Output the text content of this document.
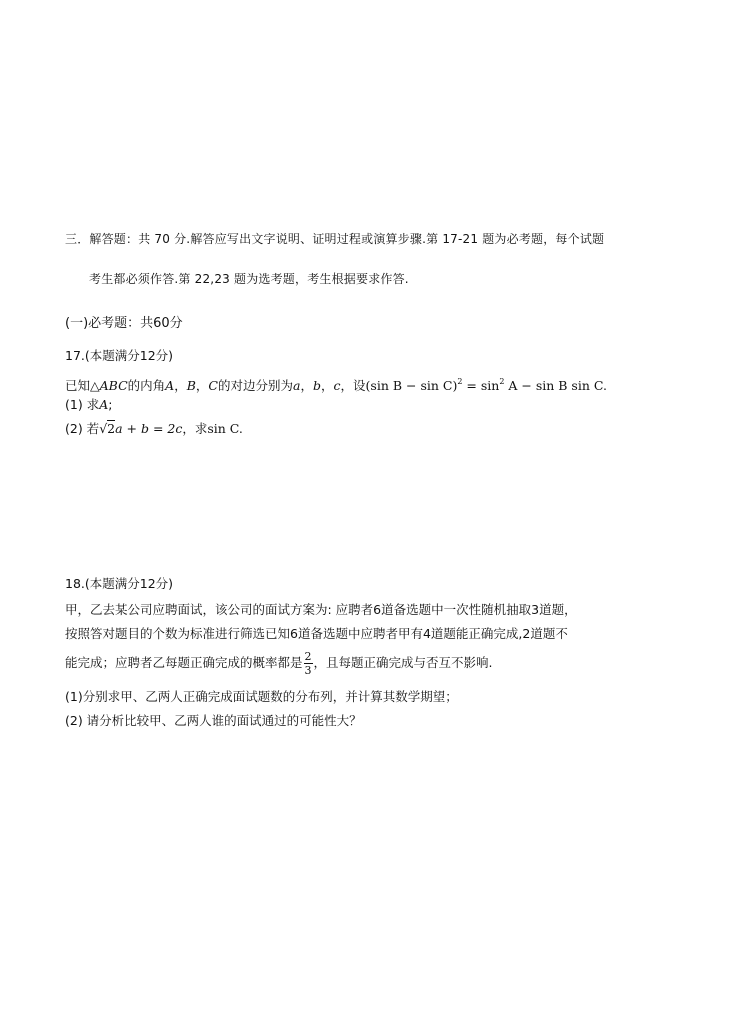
三．解答题：共 70 分.解答应写出文字说明、证明过程或演算步骤.第 17-21 题为必考题，每个试题
考生都必须作答.第 22,23 题为选考题，考生根据要求作答.
(一)必考题：共60分
17.(本题满分12分)
已知△ABC的内角A，B，C的对边分别为a，b，c，设(sin $B - \sin C)^2 = \sin^2 A - \sin B$ sin C.
(1) 求A;
(2) 若√2a + b = 2c，求sin C.
18.(本题满分12分)
甲，乙去某公司应聘面试，该公司的面试方案为: 应聘者6道备选题中一次性随机抽取3道题，
按照答对题目的个数为标准进行筛选已知6道备选题中应聘者甲有4道题能正确完成,2道题不
能完成；应聘者乙每题正确完成的概率都是 $\frac{2}{3}$ ，且每题正确完成与否互不影响.
(1)分别求甲、乙两人正确完成面试题数的分布列，并计算其数学期望；
(2) 请分析比较甲、乙两人谁的面试通过的可能性大？
